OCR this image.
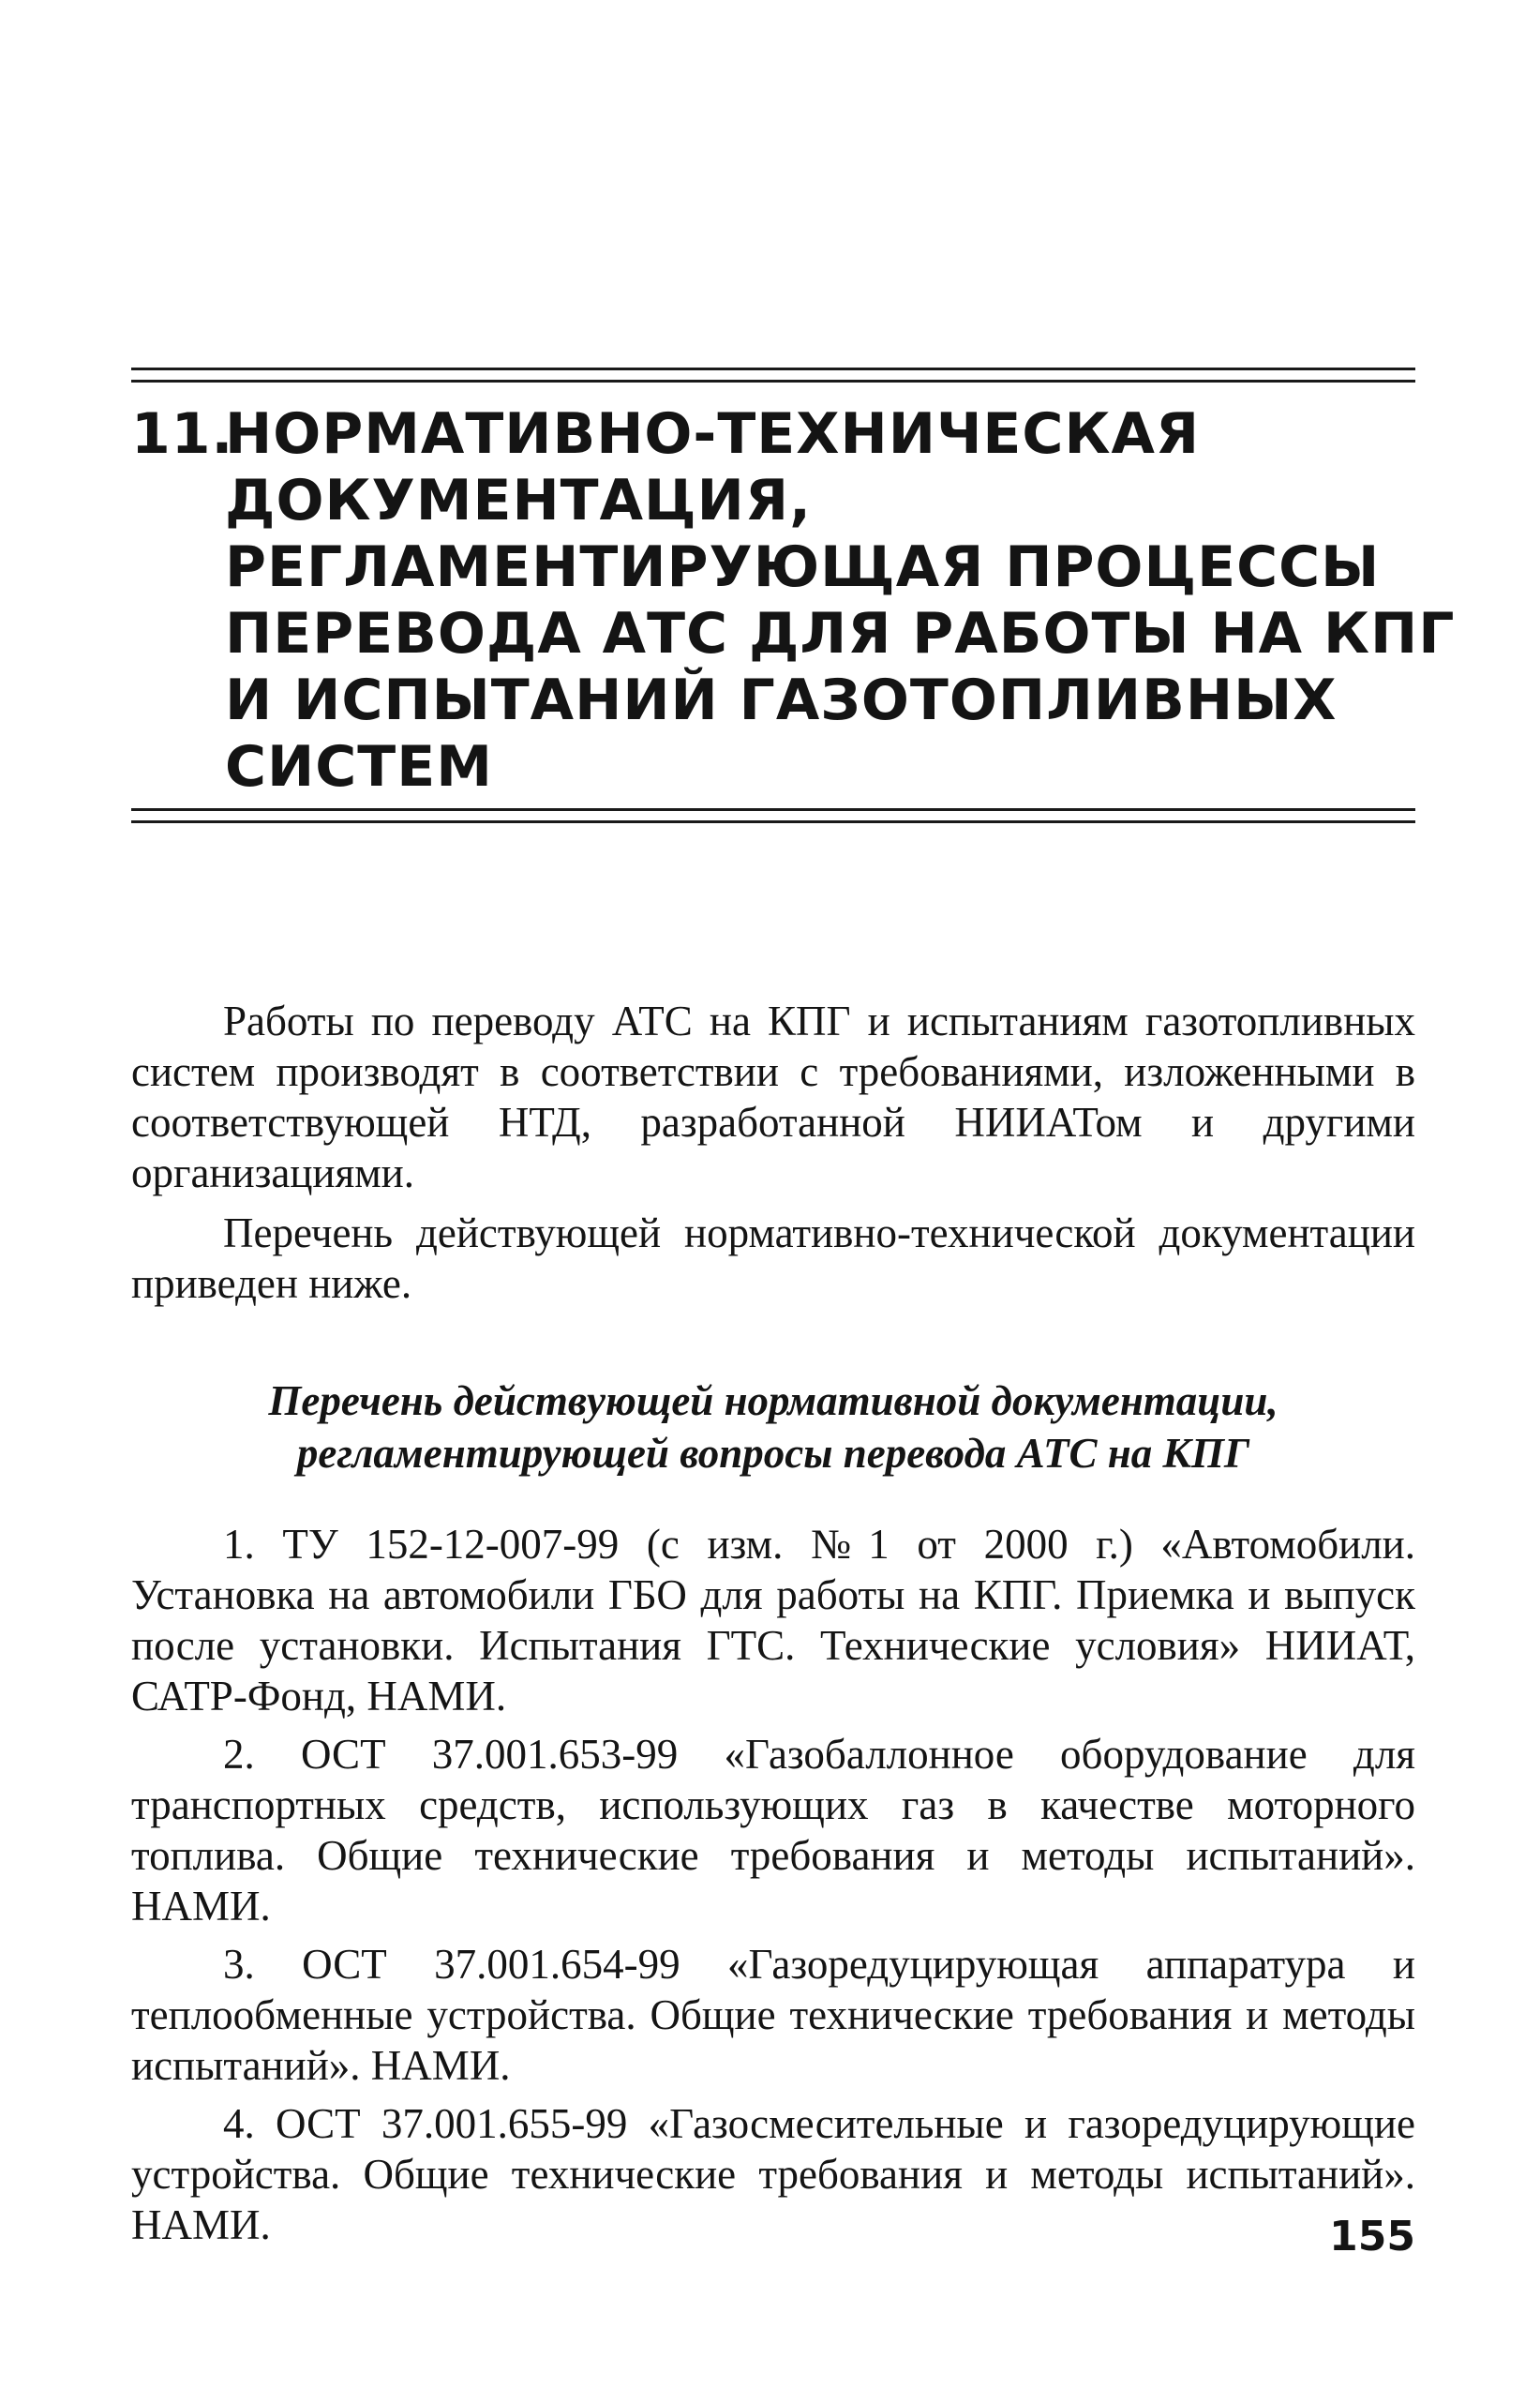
11.НОРМАТИВНО-ТЕХНИЧЕСКАЯ
ДОКУМЕНТАЦИЯ,
РЕГЛАМЕНТИРУЮЩАЯ ПРОЦЕССЫ
ПЕРЕВОДА АТС ДЛЯ РАБОТЫ НА КПГ
И ИСПЫТАНИЙ ГАЗОТОПЛИВНЫХ
СИСТЕМ

Работы по переводу АТС на КПГ и испытаниям газотопливных систем производят в соответствии с требованиями, изложенными в соответствующей НТД, разработанной НИИАТом и другими организациями.

Перечень действующей нормативно-технической документации приведен ниже.

Перечень действующей нормативной документации,
регламентирующей вопросы перевода АТС на КПГ

1. ТУ 152-12-007-99 (с изм. №1 от 2000 г.) «Автомобили. Установка на автомобили ГБО для работы на КПГ. Приемка и выпуск после установки. Испытания ГТС. Технические условия» НИИАТ, САТР-Фонд, НАМИ.

2. ОСТ 37.001.653-99 «Газобаллонное оборудование для транспортных средств, использующих газ в качестве моторного топлива. Общие технические требования и методы испытаний». НАМИ.

3. ОСТ 37.001.654-99 «Газоредуцирующая аппаратура и теплообменные устройства. Общие технические требования и методы испытаний». НАМИ.

4. ОСТ 37.001.655-99 «Газосмесительные и газоредуцирующие устройства. Общие технические требования и методы испытаний». НАМИ.	155
